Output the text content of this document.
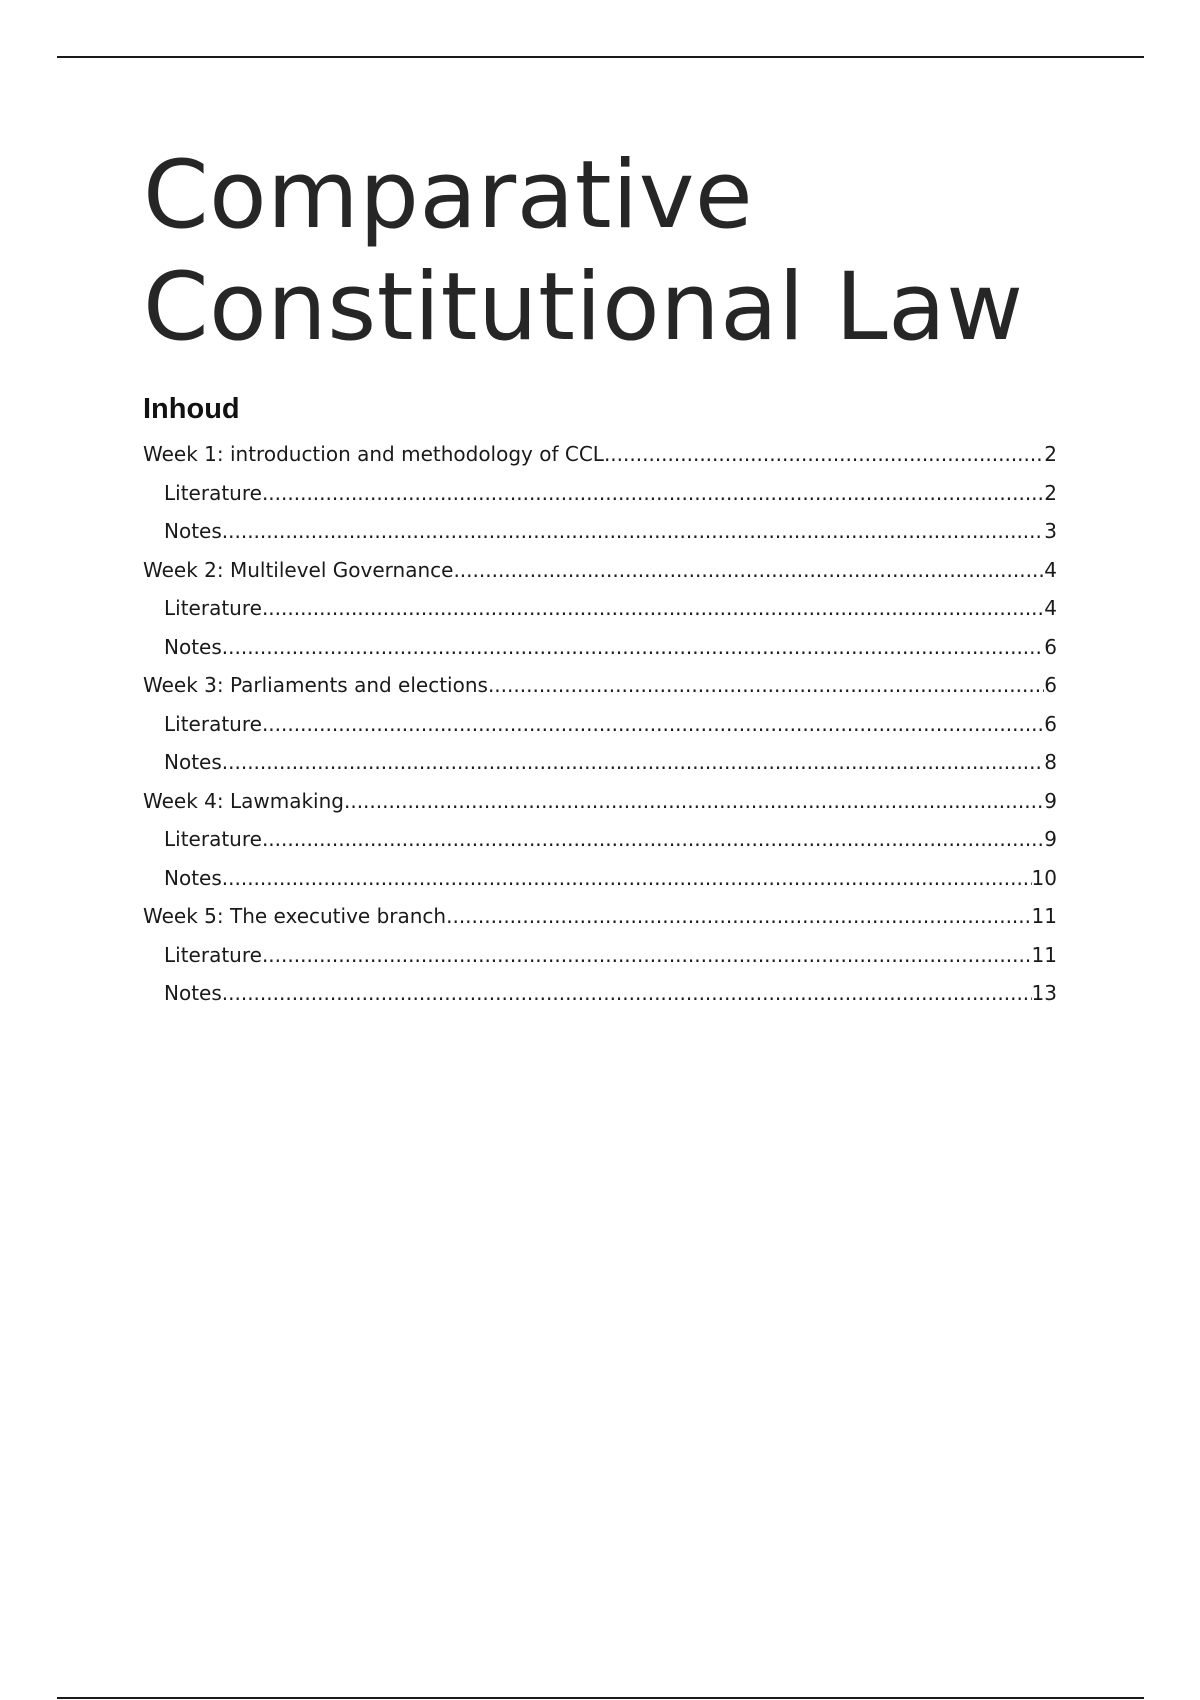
Comparative
Constitutional Law
Inhoud
Week 1: introduction and methodology of CCL .....	2
Literature .....	2
Notes .....	3
Week 2: Multilevel Governance .....	4
Literature .....	4
Notes .....	6
Week 3: Parliaments and elections .....	6
Literature .....	6
Notes .....	8
Week 4: Lawmaking .....	9
Literature .....	9
Notes .....	10
Week 5: The executive branch .....	11
Literature .....	11
Notes .....	13
